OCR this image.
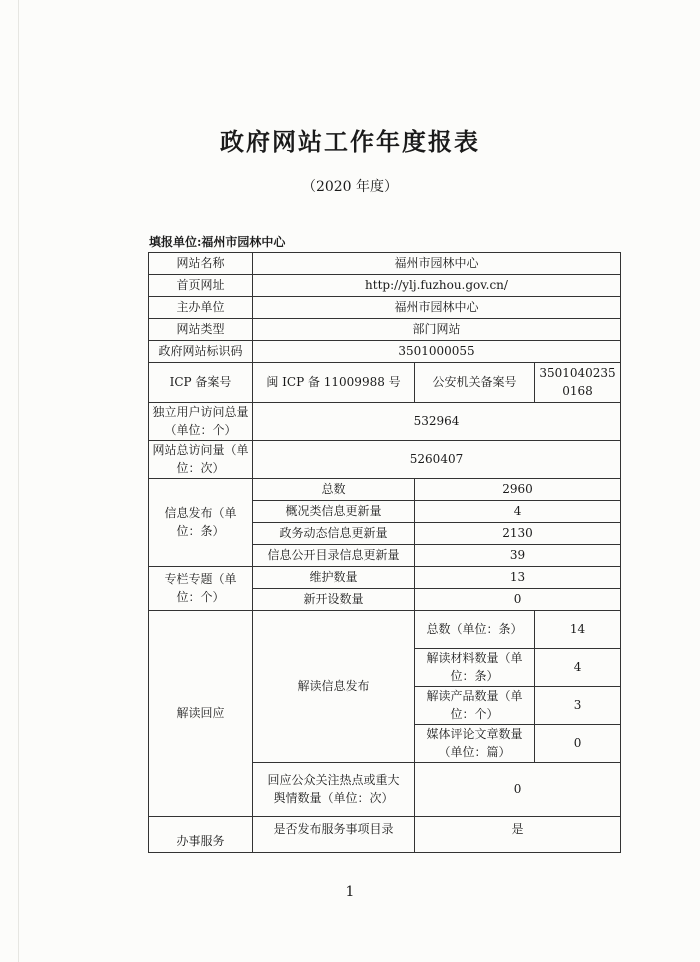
政府网站工作年度报表
（2020 年度）
填报单位:福州市园林中心
网站名称	福州市园林中心		
首页网址	http://ylj.fuzhou.gov.cn/		
主办单位	福州市园林中心		
网站类型	部门网站		
政府网站标识码	3501000055		
ICP 备案号	闽 ICP 备 11009988 号	公安机关备案号	35010402350168
独立用户访问总量（单位：个）	532964		
网站总访问量（单位：次）	5260407		
信息发布（单位：条）	总数	2960	
	概况类信息更新量	4	
	政务动态信息更新量	2130	
	信息公开目录信息更新量	39	
专栏专题（单位：个）	维护数量	13	
	新开设数量	0	
解读回应	解读信息发布	总数（单位：条）	14
		解读材料数量（单位：条）	4
		解读产品数量（单位：个）	3
		媒体评论文章数量（单位：篇）	0
	回应公众关注热点或重大舆情数量（单位：次）	0	
办事服务	是否发布服务事项目录	是	
1
